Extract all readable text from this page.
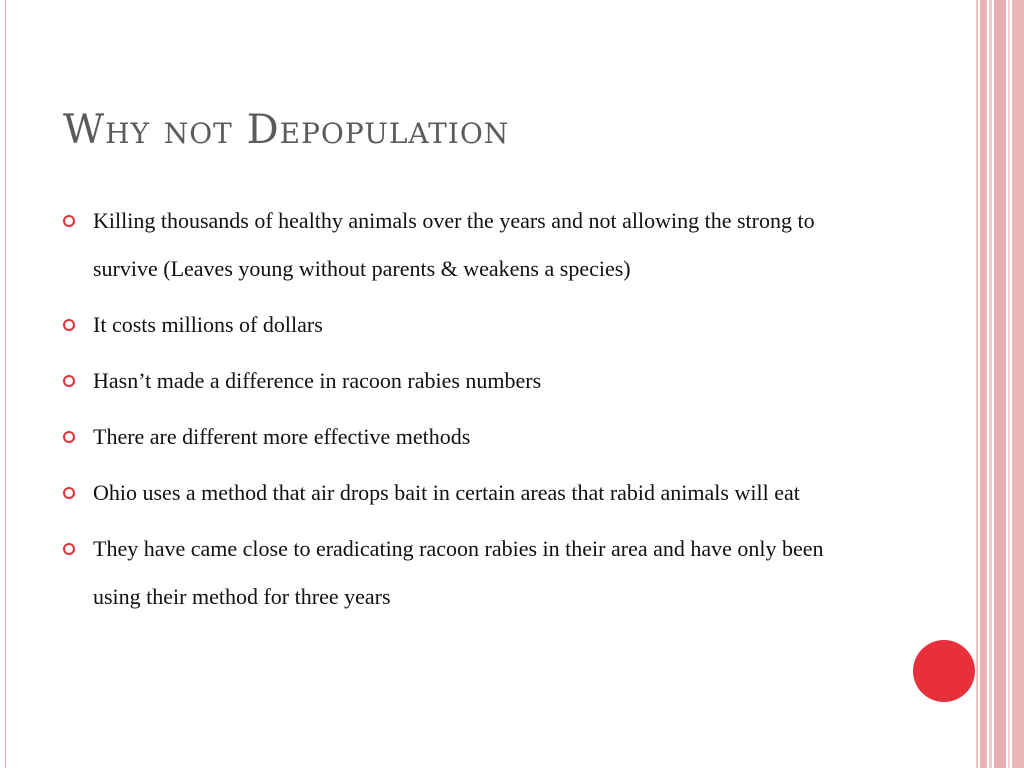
Why not Depopulation
Killing thousands of healthy animals over the years and not allowing the strong to survive (Leaves young without parents & weakens a species)
It costs millions of dollars
Hasn’t made a difference in racoon rabies numbers
There are different more effective methods
Ohio uses a method that air drops bait in certain areas that rabid animals will eat
They have came close to eradicating racoon rabies in their area and have only been using their method for three years
